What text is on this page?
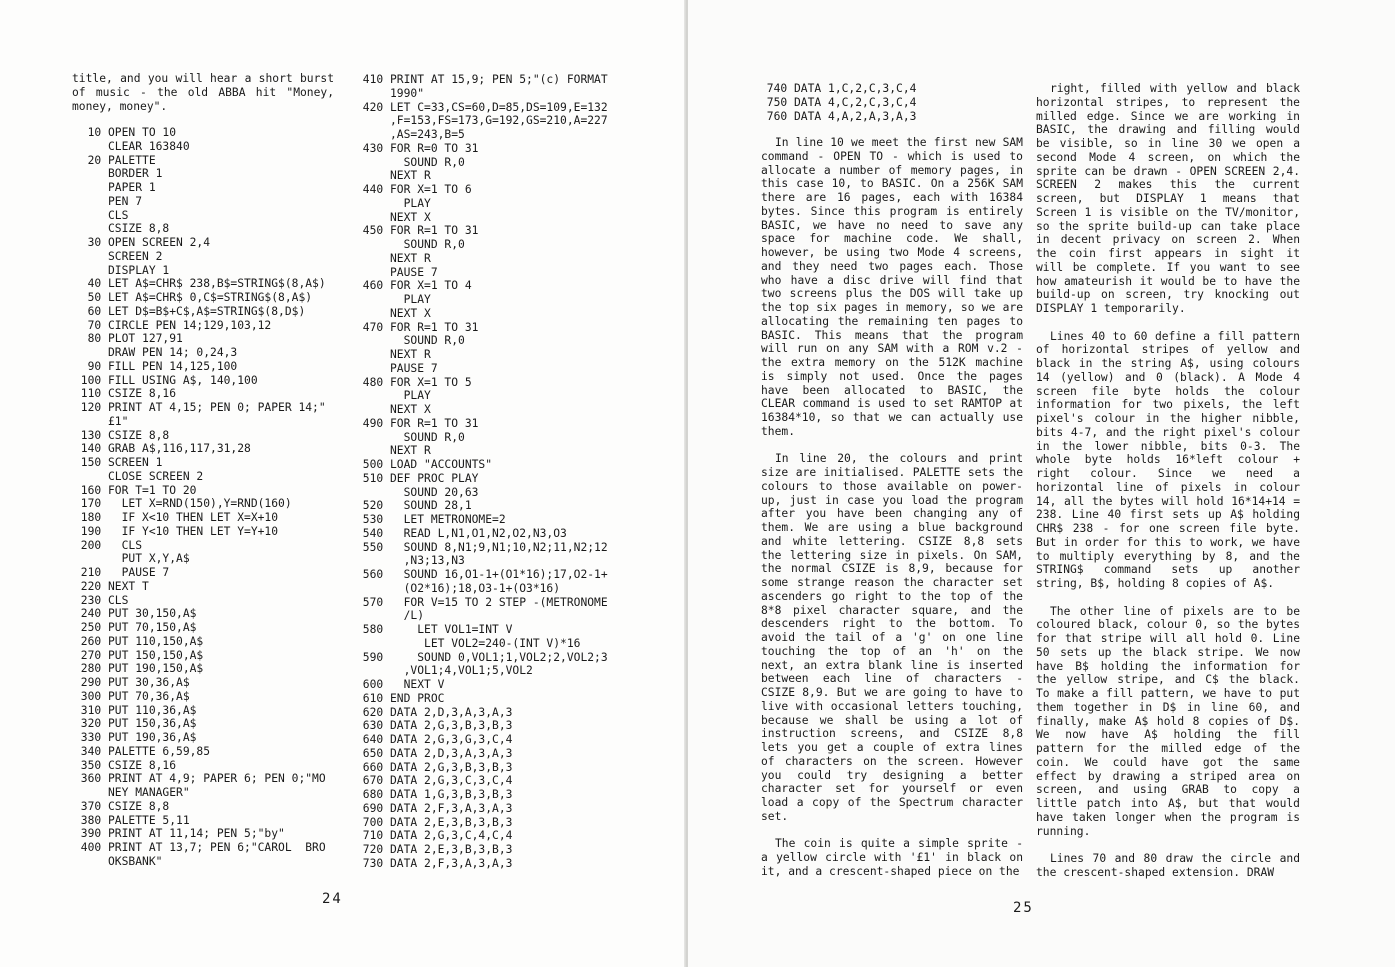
title, and you will hear a short burst of music - the old ABBA hit "Money, money, money".

10 OPEN TO 10
CLEAR 163840
20 PALETTE
BORDER 1
PAPER 1
PEN 7
CLS
CSIZE 8,8
30 OPEN SCREEN 2,4
SCREEN 2
DISPLAY 1
40 LET A$=CHR$ 238,B$=STRING$(8,A$)
50 LET A$=CHR$ 0,C$=STRING$(8,A$)
60 LET D$=B$+C$,A$=STRING$(8,D$)
70 CIRCLE PEN 14;129,103,12
80 PLOT 127,91
DRAW PEN 14; 0,24,3
90 FILL PEN 14,125,100
100 FILL USING A$, 140,100
110 CSIZE 8,16
120 PRINT AT 4,15; PEN 0; PAPER 14;"
£1"
130 CSIZE 8,8
140 GRAB A$,116,117,31,28
150 SCREEN 1
CLOSE SCREEN 2
160 FOR T=1 TO 20
170   LET X=RND(150),Y=RND(160)
180   IF X<10 THEN LET X=X+10
190   IF Y<10 THEN LET Y=Y+10
200   CLS
PUT X,Y,A$
210   PAUSE 7
220 NEXT T
230 CLS
240 PUT 30,150,A$
250 PUT 70,150,A$
260 PUT 110,150,A$
270 PUT 150,150,A$
280 PUT 190,150,A$
290 PUT 30,36,A$
300 PUT 70,36,A$
310 PUT 110,36,A$
320 PUT 150,36,A$
330 PUT 190,36,A$
340 PALETTE 6,59,85
350 CSIZE 8,16
360 PRINT AT 4,9; PAPER 6; PEN 0;"MO
NEY MANAGER"
370 CSIZE 8,8
380 PALETTE 5,11
390 PRINT AT 11,14; PEN 5;"by"
400 PRINT AT 13,7; PEN 6;"CAROL  BRO
OKSBANK"
410 PRINT AT 15,9; PEN 5;"(c) FORMAT
1990"
420 LET C=33,CS=60,D=85,DS=109,E=132
,F=153,FS=173,G=192,GS=210,A=227
,AS=243,B=5
430 FOR R=0 TO 31
SOUND R,0
NEXT R
440 FOR X=1 TO 6
PLAY
NEXT X
450 FOR R=1 TO 31
SOUND R,0
NEXT R
PAUSE 7
460 FOR X=1 TO 4
PLAY
NEXT X
470 FOR R=1 TO 31
SOUND R,0
NEXT R
PAUSE 7
480 FOR X=1 TO 5
PLAY
NEXT X
490 FOR R=1 TO 31
SOUND R,0
NEXT R
500 LOAD "ACCOUNTS"
510 DEF PROC PLAY
SOUND 20,63
520   SOUND 28,1
530   LET METRONOME=2
540   READ L,N1,O1,N2,O2,N3,O3
550   SOUND 8,N1;9,N1;10,N2;11,N2;12
,N3;13,N3
560   SOUND 16,O1-1+(O1*16);17,O2-1+
(O2*16);18,O3-1+(O3*16)
570   FOR V=15 TO 2 STEP -(METRONOME
/L)
580     LET VOL1=INT V
LET VOL2=240-(INT V)*16
590     SOUND 0,VOL1;1,VOL2;2,VOL2;3
,VOL1;4,VOL1;5,VOL2
600   NEXT V
610 END PROC
620 DATA 2,D,3,A,3,A,3
630 DATA 2,G,3,B,3,B,3
640 DATA 2,G,3,G,3,C,4
650 DATA 2,D,3,A,3,A,3
660 DATA 2,G,3,B,3,B,3
670 DATA 2,G,3,C,3,C,4
680 DATA 1,G,3,B,3,B,3
690 DATA 2,F,3,A,3,A,3
700 DATA 2,E,3,B,3,B,3
710 DATA 2,G,3,C,4,C,4
720 DATA 2,E,3,B,3,B,3
730 DATA 2,F,3,A,3,A,3
24
740 DATA 1,C,2,C,3,C,4
750 DATA 4,C,2,C,3,C,4
760 DATA 4,A,2,A,3,A,3

In line 10 we meet the first new SAM command - OPEN TO - which is used to allocate a number of memory pages, in this case 10, to BASIC. On a 256K SAM there are 16 pages, each with 16384 bytes. Since this program is entirely BASIC, we have no need to save any space for machine code. We shall, however, be using two Mode 4 screens, and they need two pages each. Those who have a disc drive will find that two screens plus the DOS will take up the top six pages in memory, so we are allocating the remaining ten pages to BASIC. This means that the program will run on any SAM with a ROM v.2 - the extra memory on the 512K machine is simply not used. Once the pages have been allocated to BASIC, the CLEAR command is used to set RAMTOP at 16384*10, so that we can actually use them.

In line 20, the colours and print size are initialised. PALETTE sets the colours to those available on power-up, just in case you load the program after you have been changing any of them. We are using a blue background and white lettering. CSIZE 8,8 sets the lettering size in pixels. On SAM, the normal CSIZE is 8,9, because for some strange reason the character set ascenders go right to the top of the 8*8 pixel character square, and the descenders right to the bottom. To avoid the tail of a 'g' on one line touching the top of an 'h' on the next, an extra blank line is inserted between each line of characters - CSIZE 8,9. But we are going to have to live with occasional letters touching, because we shall be using a lot of instruction screens, and CSIZE 8,8 lets you get a couple of extra lines of characters on the screen. However you could try designing a better character set for yourself or even load a copy of the Spectrum character set.

The coin is quite a simple sprite - a yellow circle with '£1' in black on it, and a crescent-shaped piece on the

right, filled with yellow and black horizontal stripes, to represent the milled edge. Since we are working in BASIC, the drawing and filling would be visible, so in line 30 we open a second Mode 4 screen, on which the sprite can be drawn - OPEN SCREEN 2,4. SCREEN 2 makes this the current screen, but DISPLAY 1 means that Screen 1 is visible on the TV/monitor, so the sprite build-up can take place in decent privacy on screen 2. When the coin first appears in sight it will be complete. If you want to see how amateurish it would be to have the build-up on screen, try knocking out DISPLAY 1 temporarily.

Lines 40 to 60 define a fill pattern of horizontal stripes of yellow and black in the string A$, using colours 14 (yellow) and 0 (black). A Mode 4 screen file byte holds the colour information for two pixels, the left pixel's colour in the higher nibble, bits 4-7, and the right pixel's colour in the lower nibble, bits 0-3. The whole byte holds 16*left colour + right colour. Since we need a horizontal line of pixels in colour 14, all the bytes will hold 16*14+14 = 238. Line 40 first sets up A$ holding CHR$ 238 - for one screen file byte. But in order for this to work, we have to multiply everything by 8, and the STRING$ command sets up another string, B$, holding 8 copies of A$.

The other line of pixels are to be coloured black, colour 0, so the bytes for that stripe will all hold 0. Line 50 sets up the black stripe. We now have B$ holding the information for the yellow stripe, and C$ the black. To make a fill pattern, we have to put them together in D$ in line 60, and finally, make A$ hold 8 copies of D$. We now have A$ holding the fill pattern for the milled edge of the coin. We could have got the same effect by drawing a striped area on screen, and using GRAB to copy a little patch into A$, but that would have taken longer when the program is running.

Lines 70 and 80 draw the circle and the crescent-shaped extension. DRAW

25
